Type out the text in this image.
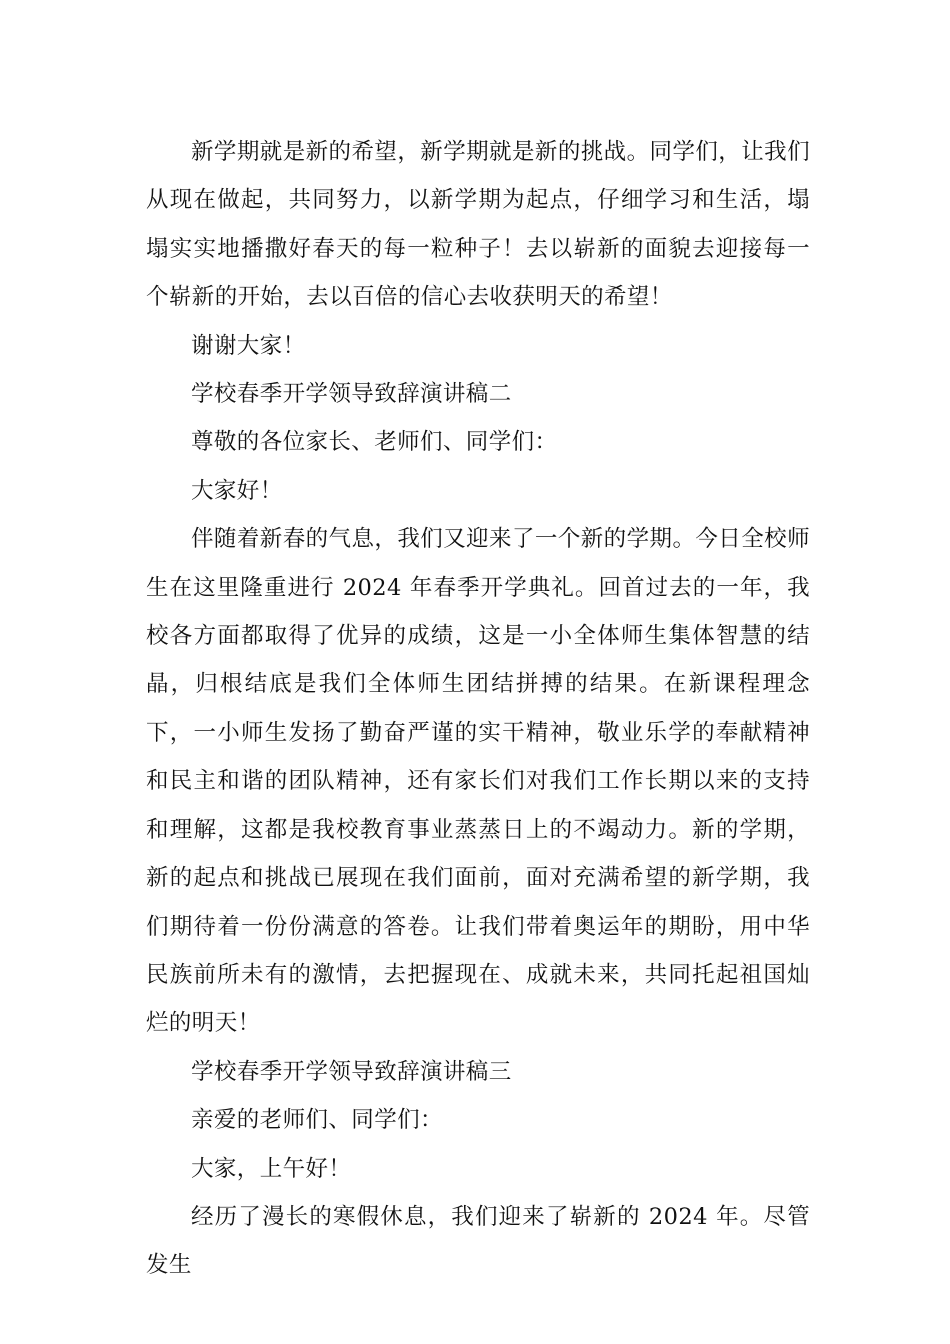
新学期就是新的希望，新学期就是新的挑战。同学们，让我们从现在做起，共同努力，以新学期为起点，仔细学习和生活，塌塌实实地播撒好春天的每一粒种子！去以崭新的面貌去迎接每一个崭新的开始，去以百倍的信心去收获明天的希望！

谢谢大家！

学校春季开学领导致辞演讲稿二

尊敬的各位家长、老师们、同学们：

大家好！

伴随着新春的气息，我们又迎来了一个新的学期。今日全校师生在这里隆重进行 2024 年春季开学典礼。回首过去的一年，我校各方面都取得了优异的成绩，这是一小全体师生集体智慧的结晶，归根结底是我们全体师生团结拼搏的结果。在新课程理念下，一小师生发扬了勤奋严谨的实干精神，敬业乐学的奉献精神和民主和谐的团队精神，还有家长们对我们工作长期以来的支持和理解，这都是我校教育事业蒸蒸日上的不竭动力。新的学期，新的起点和挑战已展现在我们面前，面对充满希望的新学期，我们期待着一份份满意的答卷。让我们带着奥运年的期盼，用中华民族前所未有的激情，去把握现在、成就未来，共同托起祖国灿烂的明天！

学校春季开学领导致辞演讲稿三

亲爱的老师们、同学们：

大家，上午好！

经历了漫长的寒假休息，我们迎来了崭新的 2024 年。尽管发生
